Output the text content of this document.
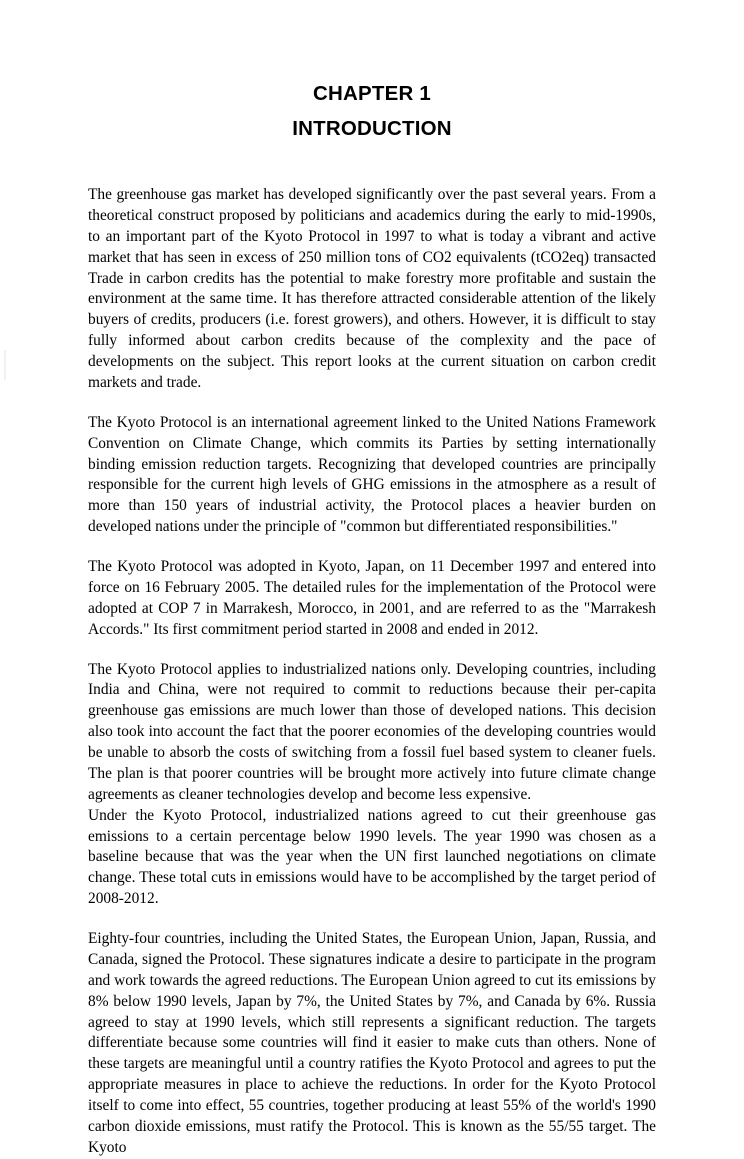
CHAPTER 1
INTRODUCTION

The greenhouse gas market has developed significantly over the past several years. From a theoretical construct proposed by politicians and academics during the early to mid-1990s, to an important part of the Kyoto Protocol in 1997 to what is today a vibrant and active market that has seen in excess of 250 million tons of CO2 equivalents (tCO2eq) transacted Trade in carbon credits has the potential to make forestry more profitable and sustain the environment at the same time. It has therefore attracted considerable attention of the likely buyers of credits, producers (i.e. forest growers), and others. However, it is difficult to stay fully informed about carbon credits because of the complexity and the pace of developments on the subject. This report looks at the current situation on carbon credit markets and trade.

The Kyoto Protocol is an international agreement linked to the United Nations Framework Convention on Climate Change, which commits its Parties by setting internationally binding emission reduction targets. Recognizing that developed countries are principally responsible for the current high levels of GHG emissions in the atmosphere as a result of more than 150 years of industrial activity, the Protocol places a heavier burden on developed nations under the principle of "common but differentiated responsibilities."

The Kyoto Protocol was adopted in Kyoto, Japan, on 11 December 1997 and entered into force on 16 February 2005. The detailed rules for the implementation of the Protocol were adopted at COP 7 in Marrakesh, Morocco, in 2001, and are referred to as the "Marrakesh Accords." Its first commitment period started in 2008 and ended in 2012.

The Kyoto Protocol applies to industrialized nations only. Developing countries, including India and China, were not required to commit to reductions because their per-capita greenhouse gas emissions are much lower than those of developed nations. This decision also took into account the fact that the poorer economies of the developing countries would be unable to absorb the costs of switching from a fossil fuel based system to cleaner fuels. The plan is that poorer countries will be brought more actively into future climate change agreements as cleaner technologies develop and become less expensive.

Under the Kyoto Protocol, industrialized nations agreed to cut their greenhouse gas emissions to a certain percentage below 1990 levels. The year 1990 was chosen as a baseline because that was the year when the UN first launched negotiations on climate change. These total cuts in emissions would have to be accomplished by the target period of 2008-2012.

Eighty-four countries, including the United States, the European Union, Japan, Russia, and Canada, signed the Protocol. These signatures indicate a desire to participate in the program and work towards the agreed reductions. The European Union agreed to cut its emissions by 8% below 1990 levels, Japan by 7%, the United States by 7%, and Canada by 6%. Russia agreed to stay at 1990 levels, which still represents a significant reduction. The targets differentiate because some countries will find it easier to make cuts than others. None of these targets are meaningful until a country ratifies the Kyoto Protocol and agrees to put the appropriate measures in place to achieve the reductions. In order for the Kyoto Protocol itself to come into effect, 55 countries, together producing at least 55% of the world's 1990 carbon dioxide emissions, must ratify the Protocol. This is known as the 55/55 target. The Kyoto
